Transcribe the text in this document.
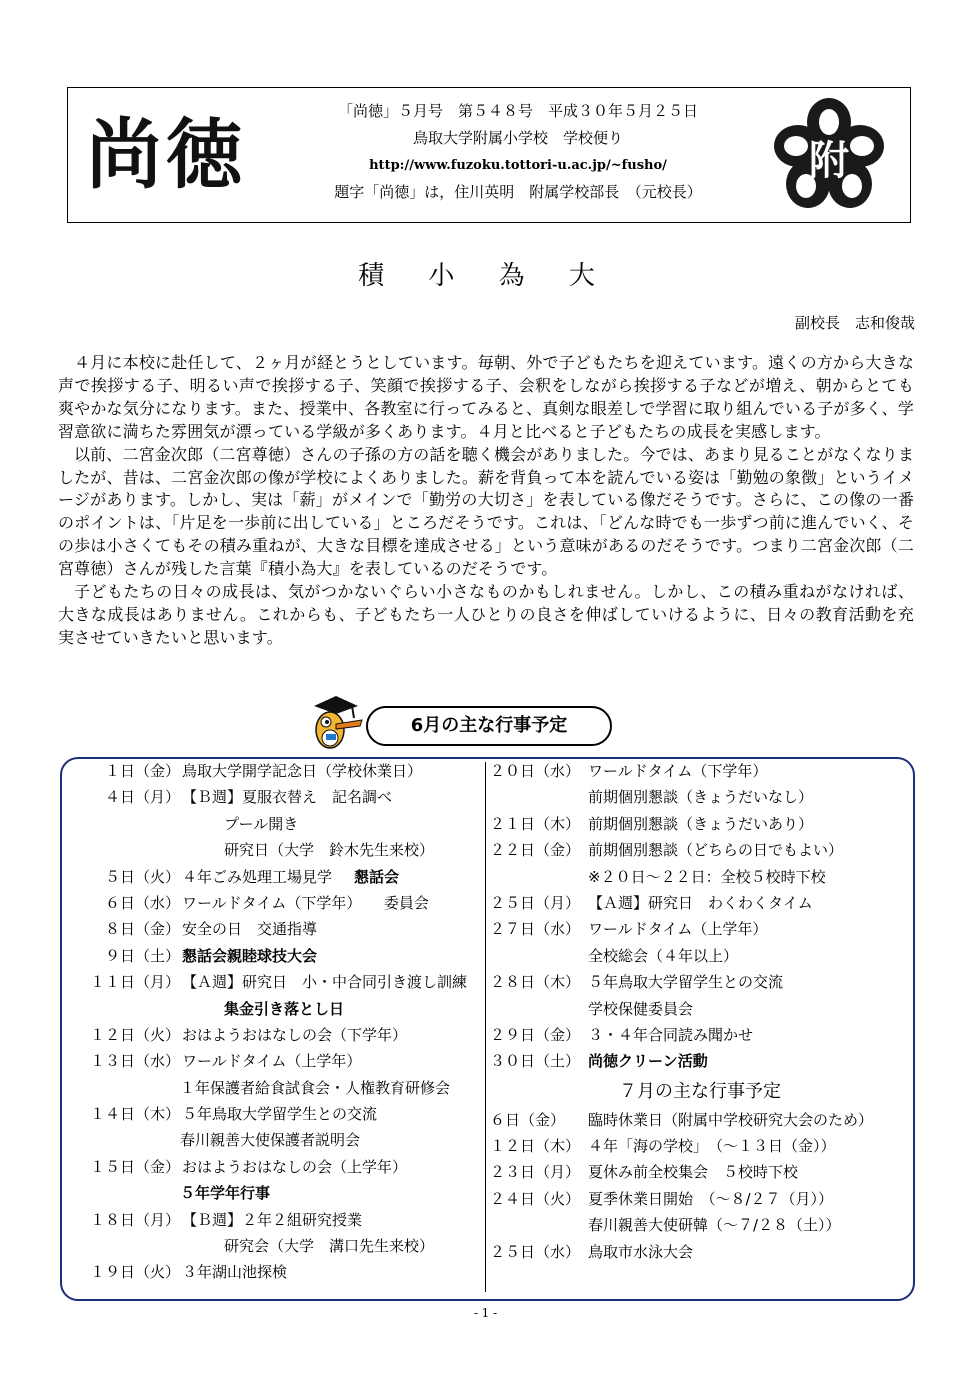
尚徳	「尚徳」５月号　第５４８号　平成３０年５月２５日
鳥取大学附属小学校　学校便り
http://www.fuzoku.tottori-u.ac.jp/~fusho/
題字「尚徳」は，住川英明　附属学校部長　（元校長）
附
積 小 為 大
副校長　志和俊哉

４月に本校に赴任して、２ヶ月が経とうとしています。毎朝、外で子どもたちを迎えています。遠くの方から大きな声で挨拶する子、明るい声で挨拶する子、笑顔で挨拶する子、会釈をしながら挨拶する子などが増え、朝からとても爽やかな気分になります。また、授業中、各教室に行ってみると、真剣な眼差しで学習に取り組んでいる子が多く、学習意欲に満ちた雰囲気が漂っている学級が多くあります。４月と比べると子どもたちの成長を実感します。

以前、二宮金次郎（二宮尊徳）さんの子孫の方の話を聴く機会がありました。今では、あまり見ることがなくなりましたが、昔は、二宮金次郎の像が学校によくありました。薪を背負って本を読んでいる姿は「勤勉の象徴」というイメージがあります。しかし、実は「薪」がメインで「勤労の大切さ」を表している像だそうです。さらに、この像の一番のポイントは、「片足を一歩前に出している」ところだそうです。これは、「どんな時でも一歩ずつ前に進んでいく、その歩は小さくてもその積み重ねが、大きな目標を達成させる」という意味があるのだそうです。つまり二宮金次郎（二宮尊徳）さんが残した言葉『積小為大』を表しているのだそうです。

子どもたちの日々の成長は、気がつかないぐらい小さなものかもしれません。しかし、この積み重ねがなければ、大きな成長はありません。これからも、子どもたち一人ひとりの良さを伸ばしていけるように、日々の教育活動を充実させていきたいと思います。

6月の主な行事予定
１日（金） 鳥取大学開学記念日（学校休業日）
４日（月） 【Ｂ週】夏服衣替え　記名調べ
プール開き
研究日（大学　鈴木先生来校）
５日（火） ４年ごみ処理工場見学 懇話会
６日（水） ワールドタイム（下学年）　　委員会
８日（金） 安全の日　交通指導
９日（土） 懇話会親睦球技大会
１１日（月） 【Ａ週】研究日　小・中合同引き渡し訓練
集金引き落とし日
１２日（火） おはようおはなしの会（下学年）
１３日（水） ワールドタイム（上学年）
１年保護者給食試食会・人権教育研修会
１４日（木） ５年鳥取大学留学生との交流
春川親善大使保護者説明会
１５日（金） おはようおはなしの会（上学年）
５年学年行事
１８日（月） 【Ｂ週】２年２組研究授業
研究会（大学　溝口先生来校）
１９日（火） ３年湖山池探検
２０日（水） ワールドタイム（下学年）
前期個別懇談（きょうだいなし）
２１日（木） 前期個別懇談（きょうだいあり）
２２日（金） 前期個別懇談（どちらの日でもよい）
※２０日～２２日：全校５校時下校
２５日（月） 【Ａ週】研究日　わくわくタイム
２７日（水） ワールドタイム（上学年）
全校総会（４年以上）
２８日（木） ５年鳥取大学留学生との交流
学校保健委員会
２９日（金） ３・４年合同読み聞かせ
３０日（土） 尚徳クリーン活動
７月の主な行事予定
６日（金）	臨時休業日（附属中学校研究大会のため）
１２日（木） ４年「海の学校」　（～１３日（金））
２３日（月） 夏休み前全校集会　５校時下校
２４日（火） 夏季休業日開始　（～８/２７（月））
春川親善大使研韓（～７/２８（土））
２５日（水） 鳥取市水泳大会
- 1 -
